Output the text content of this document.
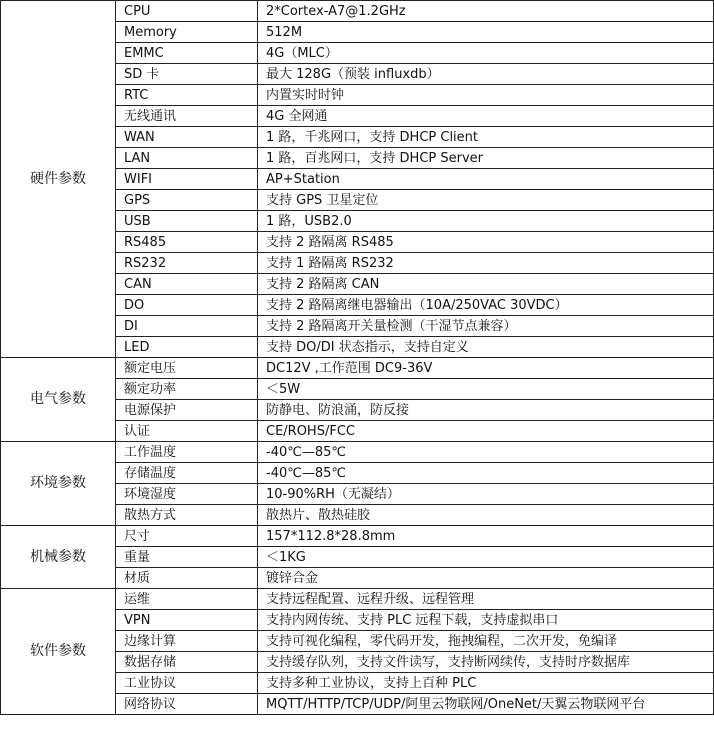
硬件参数	CPU	2*Cortex-A7@1.2GHz
	Memory	512M
	EMMC	4G（MLC）
	SD 卡	最大 128G（预装 influxdb）
	RTC	内置实时时钟
	无线通讯	4G 全网通
	WAN	1 路，千兆网口，支持 DHCP Client
	LAN	1 路，百兆网口，支持 DHCP Server
	WIFI	AP+Station
	GPS	支持 GPS 卫星定位
	USB	1 路，USB2.0
	RS485	支持 2 路隔离 RS485
	RS232	支持 1 路隔离 RS232
	CAN	支持 2 路隔离 CAN
	DO	支持 2 路隔离继电器输出（10A/250VAC 30VDC）
	DI	支持 2 路隔离开关量检测（干湿节点兼容）
	LED	支持 DO/DI 状态指示，支持自定义
电气参数	额定电压	DC12V ,工作范围 DC9-36V
	额定功率	＜5W
	电源保护	防静电、防浪涌，防反接
	认证	CE/ROHS/FCC
环境参数	工作温度	-40℃—85℃
	存储温度	-40℃—85℃
	环境湿度	10-90%RH（无凝结）
	散热方式	散热片、散热硅胶
机械参数	尺寸	157*112.8*28.8mm
	重量	＜1KG
	材质	镀锌合金
软件参数	运维	支持远程配置、远程升级、远程管理
	VPN	支持内网传统、支持 PLC 远程下载，支持虚拟串口
	边缘计算	支持可视化编程，零代码开发，拖拽编程，二次开发，免编译
	数据存储	支持缓存队列，支持文件读写，支持断网续传，支持时序数据库
	工业协议	支持多种工业协议，支持上百种 PLC
	网络协议	MQTT/HTTP/TCP/UDP/阿里云物联网/OneNet/天翼云物联网平台
